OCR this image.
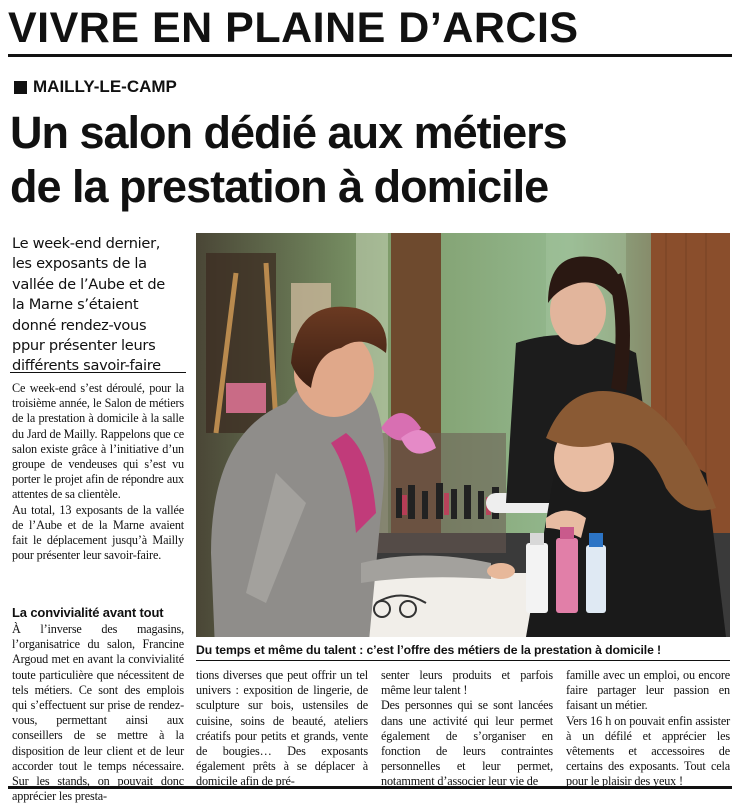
VIVRE EN PLAINE D’ARCIS
MAILLY-LE-CAMP
Un salon dédié aux métiers
de la prestation à domicile
Le week-end dernier,
les exposants de la
vallée de l’Aube et de
la Marne s’étaient
donné rendez-vous
ppur présenter leurs
différents savoir-faire

Ce week-end s’est déroulé, pour la troisième année, le Salon de métiers de la prestation à domicile à la salle du Jard de Mailly. Rappelons que ce salon existe grâce à l’initiative d’un groupe de vendeuses qui s’est vu porter le projet afin de répondre aux attentes de sa clientèle.

Au total, 13 exposants de la vallée de l’Aube et de la Marne avaient fait le déplacement jusqu’à Mailly pour présenter leur savoir-faire.

La convivialité avant tout

À l’inverse des magasins, l’organisatrice du salon, Francine Argoud met en avant la convivialité toute particulière que nécessitent de tels métiers. Ce sont des emplois qui s’effectuent sur prise de rendez-vous, permettant ainsi aux conseillers de se mettre à la disposition de leur client et de leur accorder tout le temps nécessaire. Sur les stands, on pouvait donc apprécier les presta-

Du temps et même du talent : c’est l’offre des métiers de la prestation à domicile !

tions diverses que peut offrir un tel univers : exposition de lingerie, de sculpture sur bois, ustensiles de cuisine, soins de beauté, ateliers créatifs pour petits et grands, vente de bougies… Des exposants également prêts à se déplacer à domicile afin de pré-

senter leurs produits et parfois même leur talent !

Des personnes qui se sont lancées dans une activité qui leur permet également de s’organiser en fonction de leurs contraintes personnelles et leur permet, notamment d’associer leur vie de

famille avec un emploi, ou encore faire partager leur passion en faisant un métier.

Vers 16 h on pouvait enfin assister à un défilé et apprécier les vêtements et accessoires de certains des exposants. Tout cela pour le plaisir des yeux !
